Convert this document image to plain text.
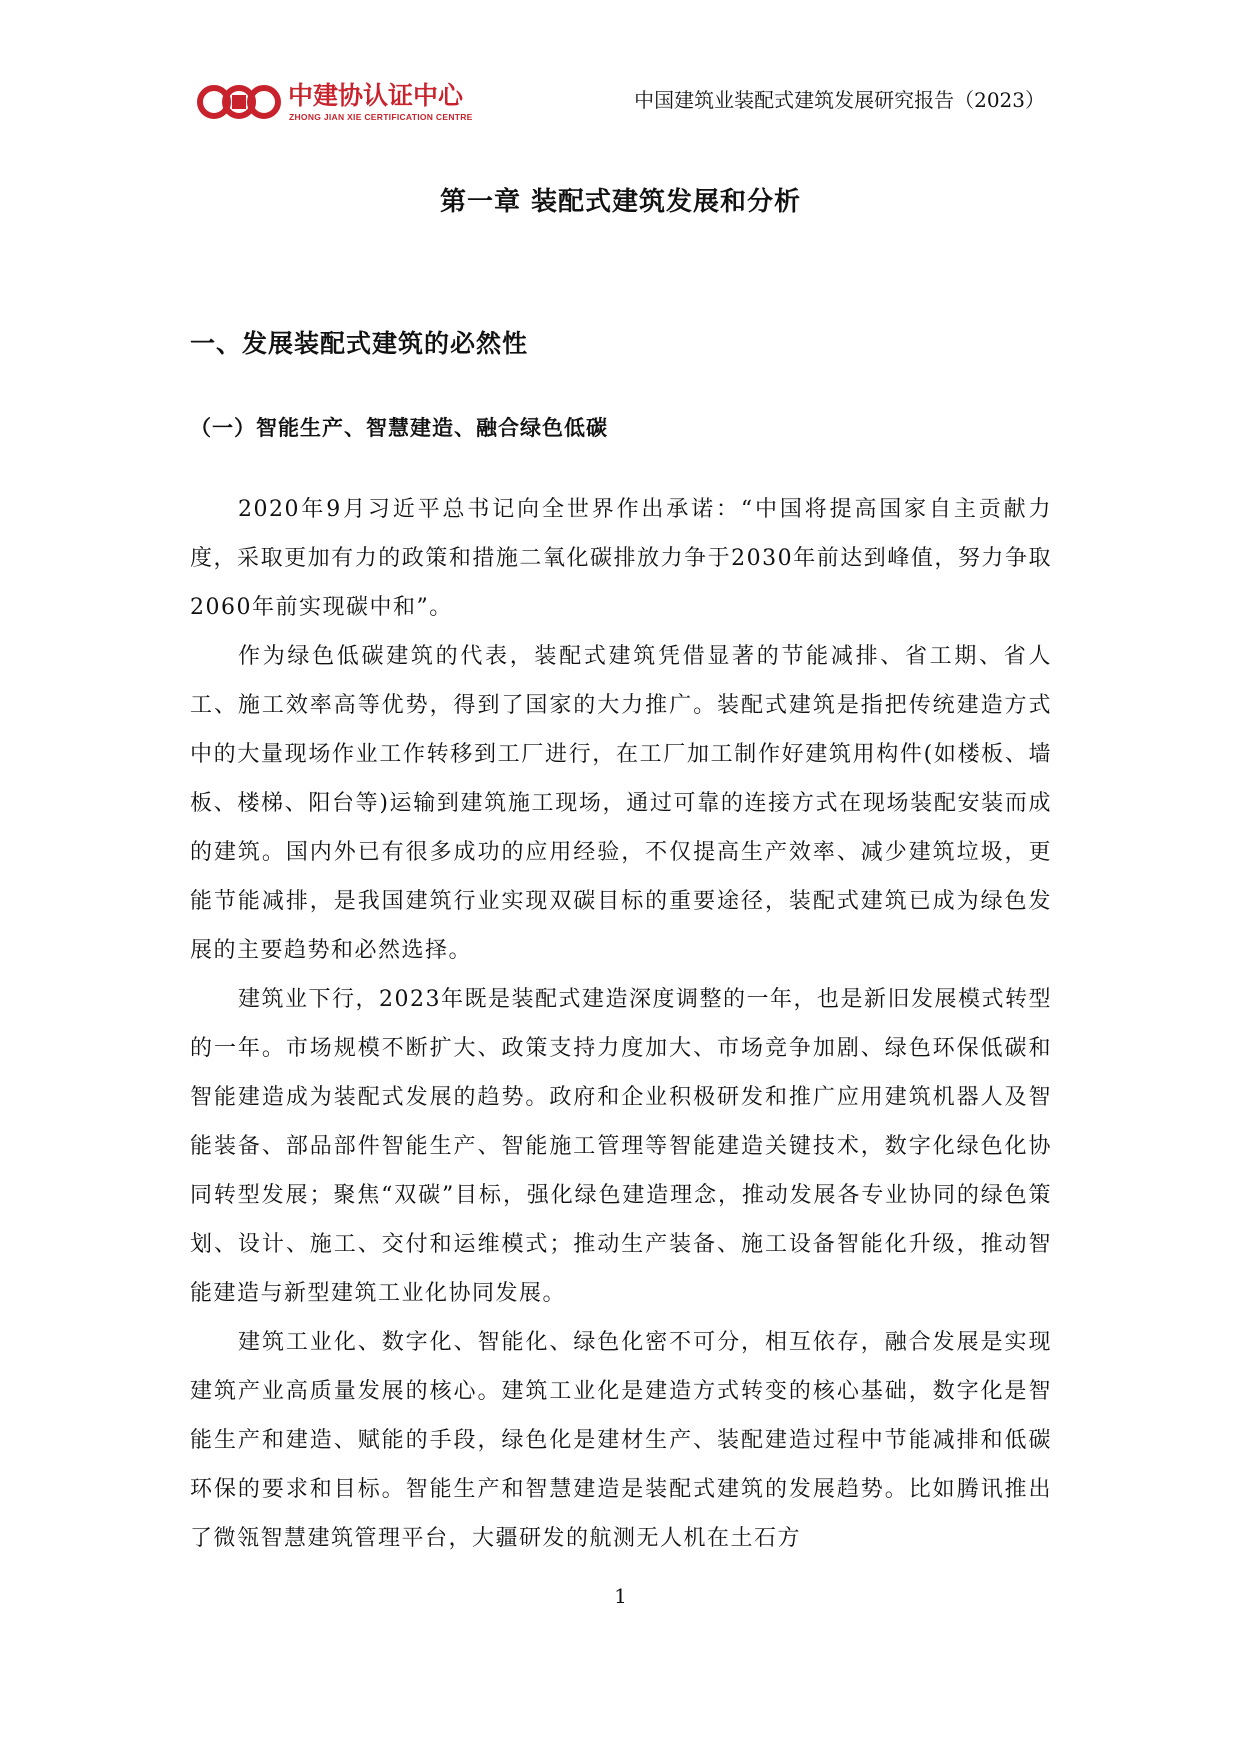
中建协认证中心
ZHONG JIAN XIE CERTIFICATION CENTRE
中国建筑业装配式建筑发展研究报告（2023）
第一章 装配式建筑发展和分析
一、发展装配式建筑的必然性
（一）智能生产、智慧建造、融合绿色低碳

2020年9月习近平总书记向全世界作出承诺：“中国将提高国家自主贡献力度，采取更加有力的政策和措施二氧化碳排放力争于2030年前达到峰值，努力争取2060年前实现碳中和”。

作为绿色低碳建筑的代表，装配式建筑凭借显著的节能减排、省工期、省人工、施工效率高等优势，得到了国家的大力推广。装配式建筑是指把传统建造方式中的大量现场作业工作转移到工厂进行，在工厂加工制作好建筑用构件(如楼板、墙板、楼梯、阳台等)运输到建筑施工现场，通过可靠的连接方式在现场装配安装而成的建筑。国内外已有很多成功的应用经验，不仅提高生产效率、减少建筑垃圾，更能节能减排，是我国建筑行业实现双碳目标的重要途径，装配式建筑已成为绿色发展的主要趋势和必然选择。

建筑业下行，2023年既是装配式建造深度调整的一年，也是新旧发展模式转型的一年。市场规模不断扩大、政策支持力度加大、市场竞争加剧、绿色环保低碳和智能建造成为装配式发展的趋势。政府和企业积极研发和推广应用建筑机器人及智能装备、部品部件智能生产、智能施工管理等智能建造关键技术，数字化绿色化协同转型发展；聚焦“双碳”目标，强化绿色建造理念，推动发展各专业协同的绿色策划、设计、施工、交付和运维模式；推动生产装备、施工设备智能化升级，推动智能建造与新型建筑工业化协同发展。

建筑工业化、数字化、智能化、绿色化密不可分，相互依存，融合发展是实现建筑产业高质量发展的核心。建筑工业化是建造方式转变的核心基础，数字化是智能生产和建造、赋能的手段，绿色化是建材生产、装配建造过程中节能减排和低碳环保的要求和目标。智能生产和智慧建造是装配式建筑的发展趋势。比如腾讯推出了微瓴智慧建筑管理平台，大疆研发的航测无人机在土石方

1
